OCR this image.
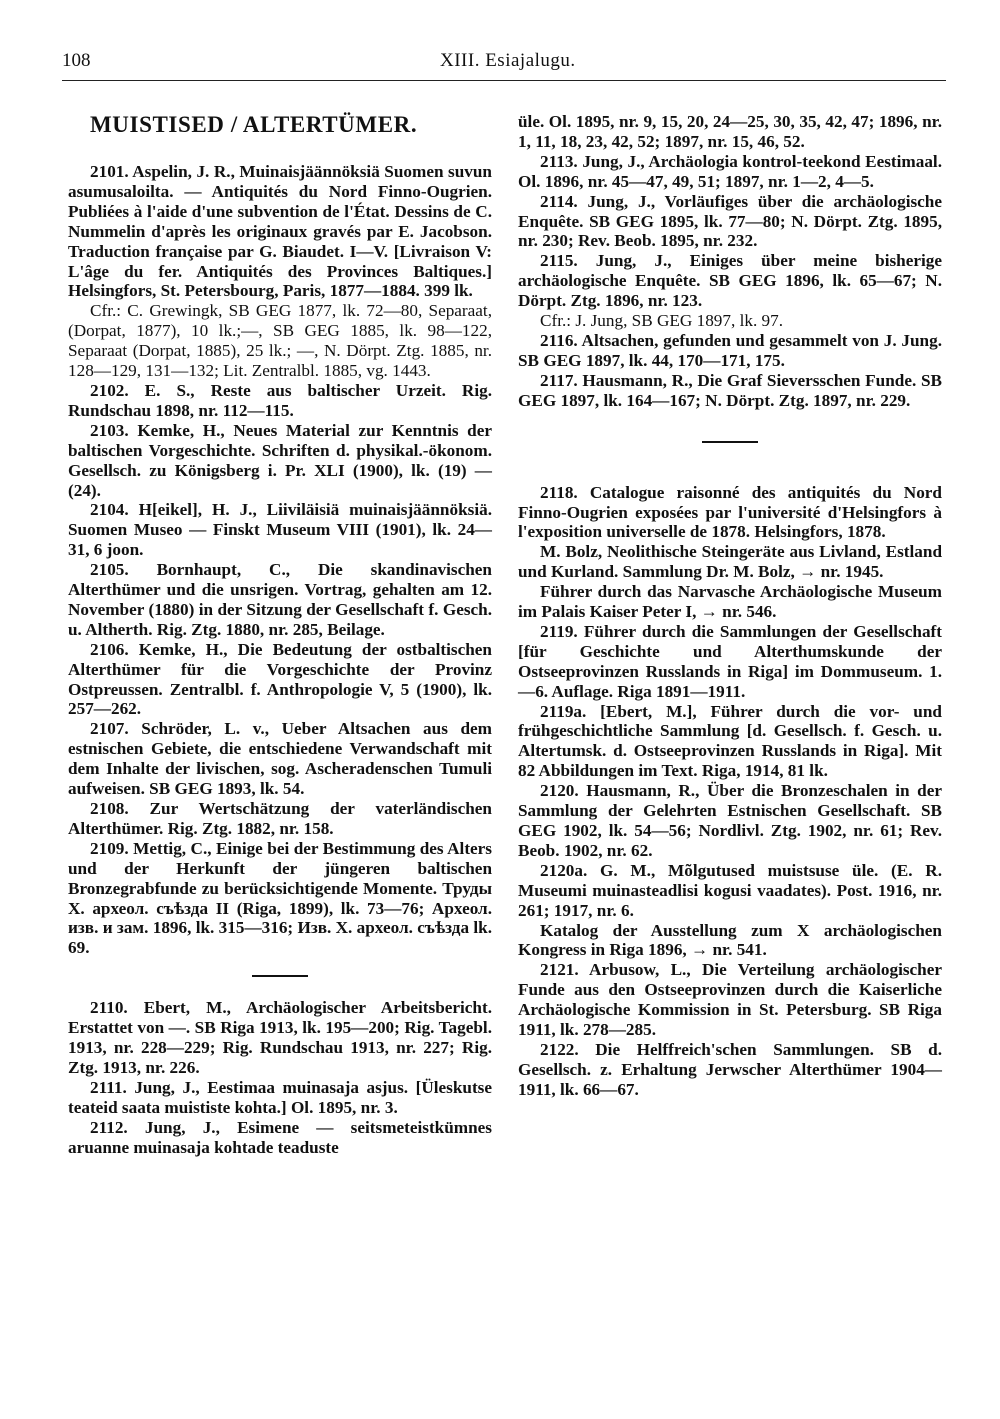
108	XIII. Esiajalugu.
MUISTISED / ALTERTÜMER.

2101. Aspelin, J. R., Muinaisjäännöksiä Suomen suvun asumusaloilta. — Antiquités du Nord Finno-Ougrien. Publiées à l'aide d'une subvention de l'État. Dessins de C. Nummelin d'après les originaux gravés par E. Jacobson. Traduction française par G. Biaudet. I—V. [Livraison V: L'âge du fer. Antiquités des Provinces Baltiques.] Helsingfors, St. Petersbourg, Paris, 1877—1884. 399 lk.

Cfr.: C. Grewingk, SB GEG 1877, lk. 72—80, Separaat, (Dorpat, 1877), 10 lk.;—, SB GEG 1885, lk. 98—122, Separaat (Dorpat, 1885), 25 lk.; —, N. Dörpt. Ztg. 1885, nr. 128—129, 131—132; Lit. Zentralbl. 1885, vg. 1443.

2102. E. S., Reste aus baltischer Urzeit. Rig. Rundschau 1898, nr. 112—115.

2103. Kemke, H., Neues Material zur Kenntnis der baltischen Vorgeschichte. Schriften d. physikal.-ökonom. Gesellsch. zu Königsberg i. Pr. XLI (1900), lk. (19) — (24).

2104. H[eikel], H. J., Liiviläisiä muinaisjäännöksiä. Suomen Museo — Finskt Museum VIII (1901), lk. 24—31, 6 joon.

2105. Bornhaupt, C., Die skandinavischen Alterthümer und die unsrigen. Vortrag, gehalten am 12. November (1880) in der Sitzung der Gesellschaft f. Gesch. u. Altherth. Rig. Ztg. 1880, nr. 285, Beilage.

2106. Kemke, H., Die Bedeutung der ostbaltischen Alterthümer für die Vorgeschichte der Provinz Ostpreussen. Zentralbl. f. Anthropologie V, 5 (1900), lk. 257—262.

2107. Schröder, L. v., Ueber Altsachen aus dem estnischen Gebiete, die entschiedene Verwandschaft mit dem Inhalte der livischen, sog. Ascheradenschen Tumuli aufweisen. SB GEG 1893, lk. 54.

2108. Zur Wertschätzung der vaterländischen Alterthümer. Rig. Ztg. 1882, nr. 158.

2109. Mettig, C., Einige bei der Bestimmung des Alters und der Herkunft der jüngeren baltischen Bronzegrabfunde zu berücksichtigende Momente. Труды X. археол. съѣзда II (Riga, 1899), lk. 73—76; Археол. изв. и зам. 1896, lk. 315—316; Изв. X. археол. съѣзда lk. 69.

2110. Ebert, M., Archäologischer Arbeitsbericht. Erstattet von —. SB Riga 1913, lk. 195—200; Rig. Tagebl. 1913, nr. 228—229; Rig. Rundschau 1913, nr. 227; Rig. Ztg. 1913, nr. 226.

2111. Jung, J., Eestimaa muinasaja asjus. [Üleskutse teateid saata muististe kohta.] Ol. 1895, nr. 3.

2112. Jung, J., Esimene — seitsmeteistkümnes aruanne muinasaja kohtade teaduste

üle. Ol. 1895, nr. 9, 15, 20, 24—25, 30, 35, 42, 47; 1896, nr. 1, 11, 18, 23, 42, 52; 1897, nr. 15, 46, 52.

2113. Jung, J., Archäologia kontrol-teekond Eestimaal. Ol. 1896, nr. 45—47, 49, 51; 1897, nr. 1—2, 4—5.

2114. Jung, J., Vorläufiges über die archäologische Enquête. SB GEG 1895, lk. 77—80; N. Dörpt. Ztg. 1895, nr. 230; Rev. Beob. 1895, nr. 232.

2115. Jung, J., Einiges über meine bisherige archäologische Enquête. SB GEG 1896, lk. 65—67; N. Dörpt. Ztg. 1896, nr. 123.

Cfr.: J. Jung, SB GEG 1897, lk. 97.

2116. Altsachen, gefunden und gesammelt von J. Jung. SB GEG 1897, lk. 44, 170—171, 175.

2117. Hausmann, R., Die Graf Sieversschen Funde. SB GEG 1897, lk. 164—167; N. Dörpt. Ztg. 1897, nr. 229.

2118. Catalogue raisonné des antiquités du Nord Finno-Ougrien exposées par l'université d'Helsingfors à l'exposition universelle de 1878. Helsingfors, 1878.

M. Bolz, Neolithische Steingeräte aus Livland, Estland und Kurland. Sammlung Dr. M. Bolz, → nr. 1945.

Führer durch das Narvasche Archäologische Museum im Palais Kaiser Peter I, → nr. 546.

2119. Führer durch die Sammlungen der Gesellschaft [für Geschichte und Alterthumskunde der Ostseeprovinzen Russlands in Riga] im Dommuseum. 1.—6. Auflage. Riga 1891—1911.

2119a. [Ebert, M.], Führer durch die vor- und frühgeschichtliche Sammlung [d. Gesellsch. f. Gesch. u. Altertumsk. d. Ostseeprovinzen Russlands in Riga]. Mit 82 Abbildungen im Text. Riga, 1914, 81 lk.

2120. Hausmann, R., Über die Bronzeschalen in der Sammlung der Gelehrten Estnischen Gesellschaft. SB GEG 1902, lk. 54—56; Nordlivl. Ztg. 1902, nr. 61; Rev. Beob. 1902, nr. 62.

2120a. G. M., Mõlgutused muistsuse üle. (E. R. Museumi muinasteadlisi kogusi vaadates). Post. 1916, nr. 261; 1917, nr. 6.

Katalog der Ausstellung zum X archäologischen Kongress in Riga 1896, → nr. 541.

2121. Arbusow, L., Die Verteilung archäologischer Funde aus den Ostseeprovinzen durch die Kaiserliche Archäologische Kommission in St. Petersburg. SB Riga 1911, lk. 278—285.

2122. Die Helffreich'schen Sammlungen. SB d. Gesellsch. z. Erhaltung Jerwscher Alterthümer 1904—1911, lk. 66—67.
